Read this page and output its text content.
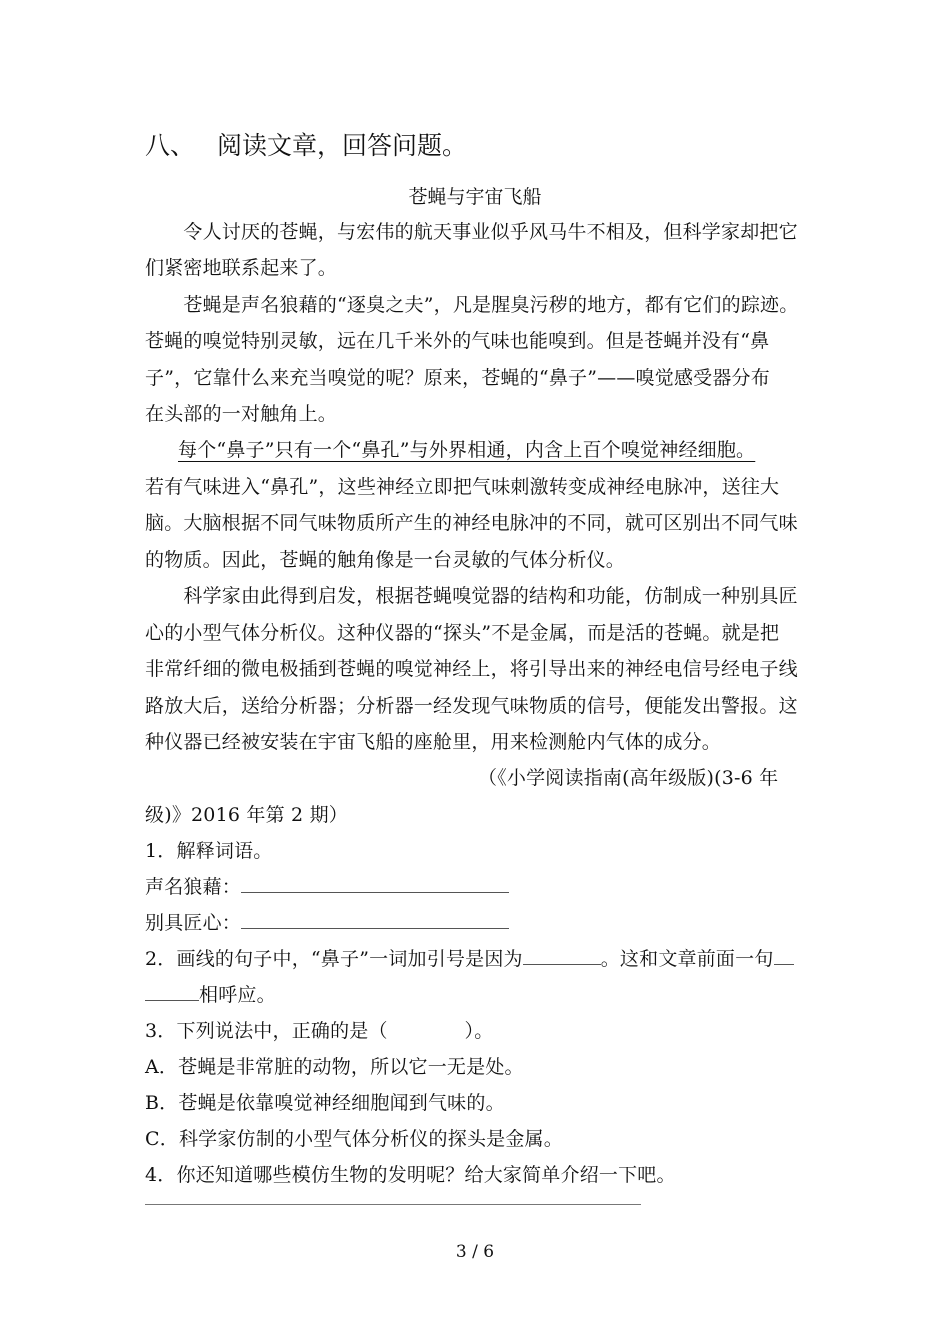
八、 阅读文章，回答问题。
苍蝇与宇宙飞船
　　令人讨厌的苍蝇，与宏伟的航天事业似乎风马牛不相及，但科学家却把它
们紧密地联系起来了。
　　苍蝇是声名狼藉的“逐臭之夫”，凡是腥臭污秽的地方，都有它们的踪迹。
苍蝇的嗅觉特别灵敏，远在几千米外的气味也能嗅到。但是苍蝇并没有“鼻
子”，它靠什么来充当嗅觉的呢？原来，苍蝇的“鼻子”——嗅觉感受器分布
在头部的一对触角上。
每个“鼻子”只有一个“鼻孔”与外界相通，内含上百个嗅觉神经细胞。
若有气味进入“鼻孔”，这些神经立即把气味刺激转变成神经电脉冲，送往大
脑。大脑根据不同气味物质所产生的神经电脉冲的不同，就可区别出不同气味
的物质。因此，苍蝇的触角像是一台灵敏的气体分析仪。
　　科学家由此得到启发，根据苍蝇嗅觉器的结构和功能，仿制成一种别具匠
心的小型气体分析仪。这种仪器的“探头”不是金属，而是活的苍蝇。就是把
非常纤细的微电极插到苍蝇的嗅觉神经上，将引导出来的神经电信号经电子线
路放大后，送给分析器；分析器一经发现气味物质的信号，便能发出警报。这
种仪器已经被安装在宇宙飞船的座舱里，用来检测舱内气体的成分。
（《小学阅读指南(高年级版)(3-6 年
级)》2016 年第 2 期）
1．解释词语。
声名狼藉：
别具匠心：
2．画线的句子中，“鼻子”一词加引号是因为	。这和文章前面一句
相呼应。
3．下列说法中，正确的是（　　　　）。
A．苍蝇是非常脏的动物，所以它一无是处。
B．苍蝇是依靠嗅觉神经细胞闻到气味的。
C．科学家仿制的小型气体分析仪的探头是金属。
4．你还知道哪些模仿生物的发明呢？给大家简单介绍一下吧。
3 / 6
